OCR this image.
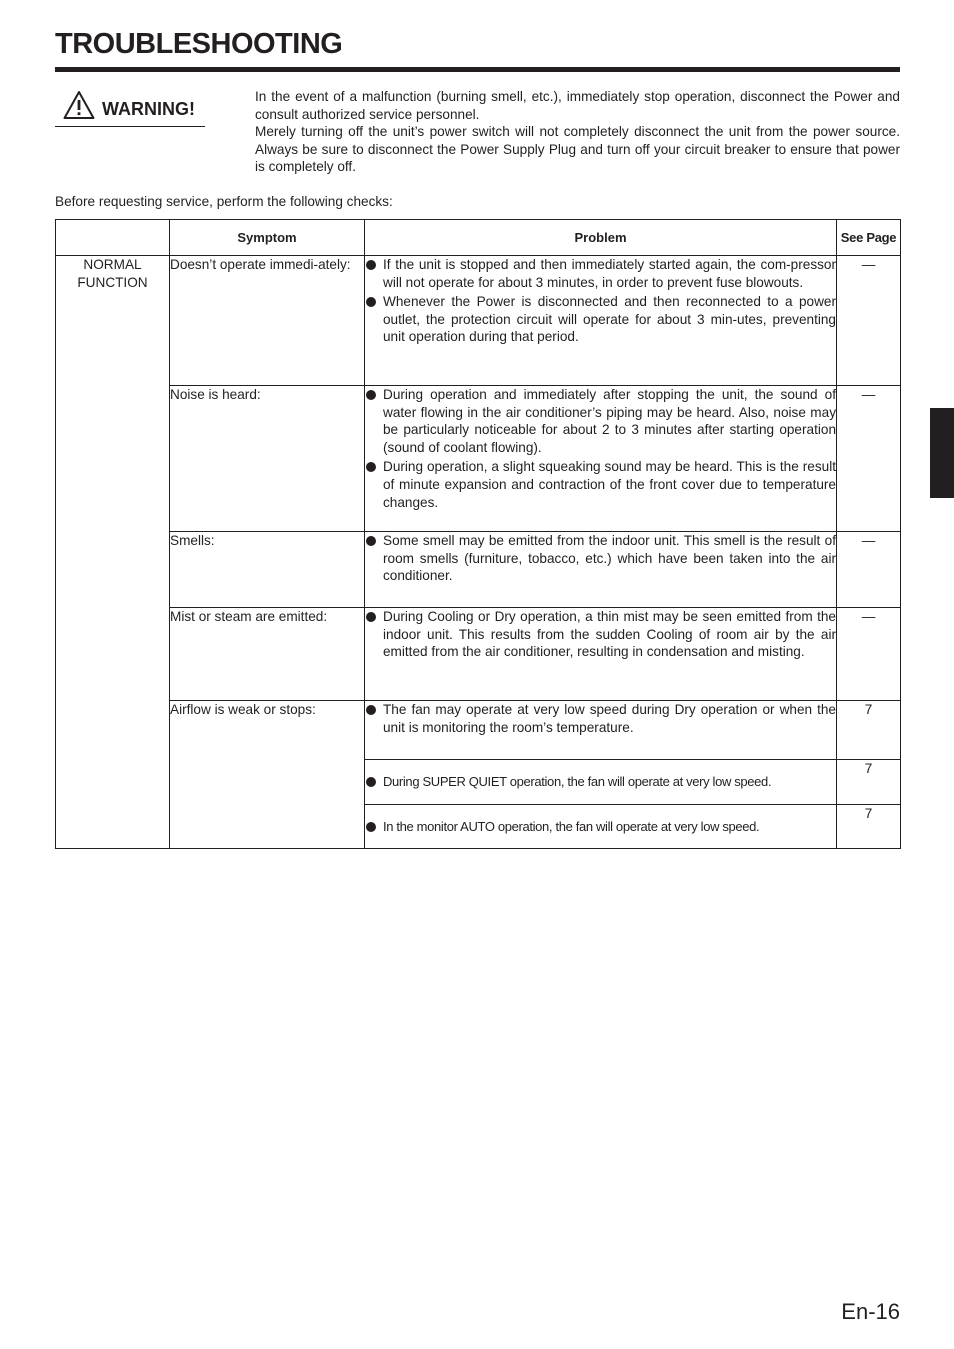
TROUBLESHOOTING
WARNING!

In the event of a malfunction (burning smell, etc.), immediately stop operation, disconnect the Power and consult authorized service personnel.

Merely turning off the unit’s power switch will not completely disconnect the unit from the power source. Always be sure to disconnect the Power Supply Plug and turn off your circuit breaker to ensure that power is completely off.

Before requesting service, perform the following checks:
	Symptom	Problem	See Page

NORMAL FUNCTION	Doesn’t operate immedi-ately:	If the unit is stopped and then immediately started again, the com-pressor will not operate for about 3 minutes, in order to prevent fuse blowouts.
Whenever the Power is disconnected and then reconnected to a power outlet, the protection circuit will operate for about 3 min-utes, preventing unit operation during that period.	—
	Noise is heard:	During operation and immediately after stopping the unit, the sound of water flowing in the air conditioner’s piping may be heard. Also, noise may be particularly noticeable for about 2 to 3 minutes after starting operation (sound of coolant flowing).
During operation, a slight squeaking sound may be heard. This is the result of minute expansion and contraction of the front cover due to temperature changes.	—
	Smells:	Some smell may be emitted from the indoor unit. This smell is the result of room smells (furniture, tobacco, etc.) which have been taken into the air conditioner.	—
	Mist or steam are emitted:	During Cooling or Dry operation, a thin mist may be seen emitted from the indoor unit. This results from the sudden Cooling of room air by the air emitted from the air conditioner, resulting in condensation and misting.	—
	Airflow is weak or stops:	The fan may operate at very low speed during Dry operation or when the unit is monitoring the room’s temperature.	7

		During SUPER QUIET operation, the fan will operate at very low speed.	7

		In the monitor AUTO operation, the fan will operate at very low speed.	7
En-16
